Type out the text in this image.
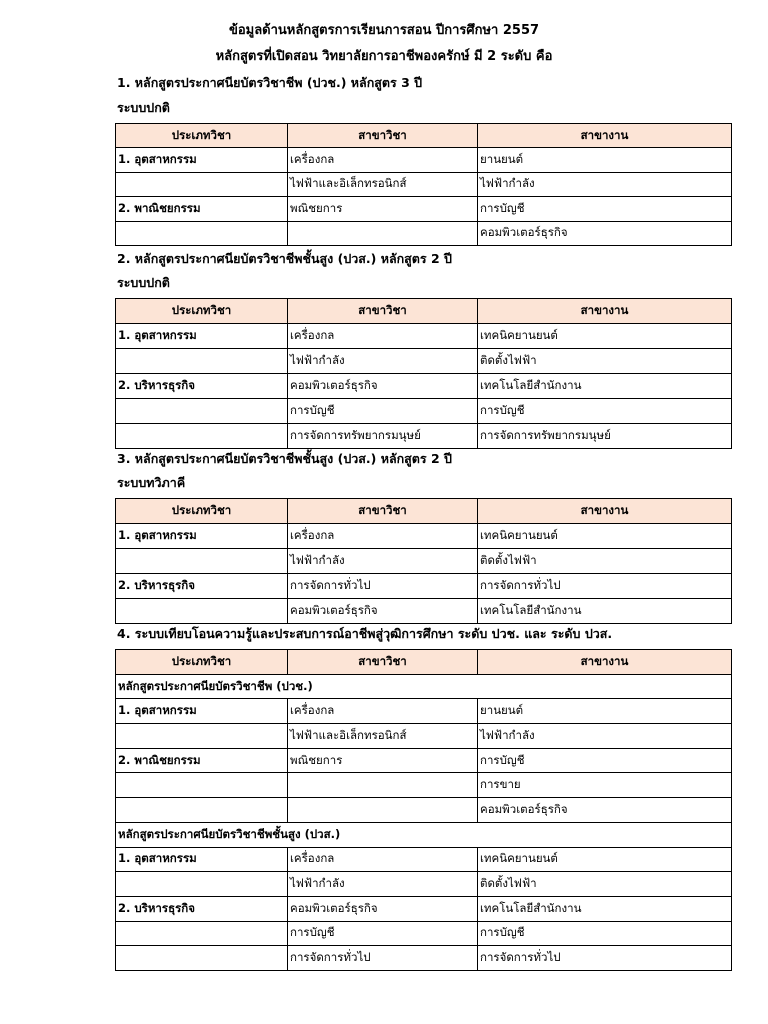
ข้อมูลด้านหลักสูตรการเรียนการสอน ปีการศึกษา 2557
หลักสูตรที่เปิดสอน วิทยาลัยการอาชีพองครักษ์ มี 2 ระดับ คือ
1. หลักสูตรประกาศนียบัตรวิชาชีพ (ปวช.) หลักสูตร 3 ปี
ระบบปกติ
ประเภทวิชา	สาขาวิชา	สาขางาน
1. อุตสาหกรรม	เครื่องกล	ยานยนต์
	ไฟฟ้าและอิเล็กทรอนิกส์	ไฟฟ้ากำลัง
2. พาณิชยกรรม	พณิชยการ	การบัญชี
		คอมพิวเตอร์ธุรกิจ
2. หลักสูตรประกาศนียบัตรวิชาชีพชั้นสูง (ปวส.) หลักสูตร 2 ปี
ระบบปกติ
ประเภทวิชา	สาขาวิชา	สาขางาน
1. อุตสาหกรรม	เครื่องกล	เทคนิคยานยนต์
	ไฟฟ้ากำลัง	ติดตั้งไฟฟ้า
2. บริหารธุรกิจ	คอมพิวเตอร์ธุรกิจ	เทคโนโลยีสำนักงาน
	การบัญชี	การบัญชี
	การจัดการทรัพยากรมนุษย์	การจัดการทรัพยากรมนุษย์
3. หลักสูตรประกาศนียบัตรวิชาชีพชั้นสูง (ปวส.) หลักสูตร 2 ปี
ระบบทวิภาคี
ประเภทวิชา	สาขาวิชา	สาขางาน
1. อุตสาหกรรม	เครื่องกล	เทคนิคยานยนต์
	ไฟฟ้ากำลัง	ติดตั้งไฟฟ้า
2. บริหารธุรกิจ	การจัดการทั่วไป	การจัดการทั่วไป
	คอมพิวเตอร์ธุรกิจ	เทคโนโลยีสำนักงาน
4. ระบบเทียบโอนความรู้และประสบการณ์อาชีพสู่วุฒิการศึกษา ระดับ ปวช. และ ระดับ ปวส.
ประเภทวิชา	สาขาวิชา	สาขางาน
หลักสูตรประกาศนียบัตรวิชาชีพ (ปวช.)		
1. อุตสาหกรรม	เครื่องกล	ยานยนต์
	ไฟฟ้าและอิเล็กทรอนิกส์	ไฟฟ้ากำลัง
2. พาณิชยกรรม	พณิชยการ	การบัญชี
		การขาย
		คอมพิวเตอร์ธุรกิจ
หลักสูตรประกาศนียบัตรวิชาชีพชั้นสูง (ปวส.)		
1. อุตสาหกรรม	เครื่องกล	เทคนิคยานยนต์
	ไฟฟ้ากำลัง	ติดตั้งไฟฟ้า
2. บริหารธุรกิจ	คอมพิวเตอร์ธุรกิจ	เทคโนโลยีสำนักงาน
	การบัญชี	การบัญชี
	การจัดการทั่วไป	การจัดการทั่วไป
